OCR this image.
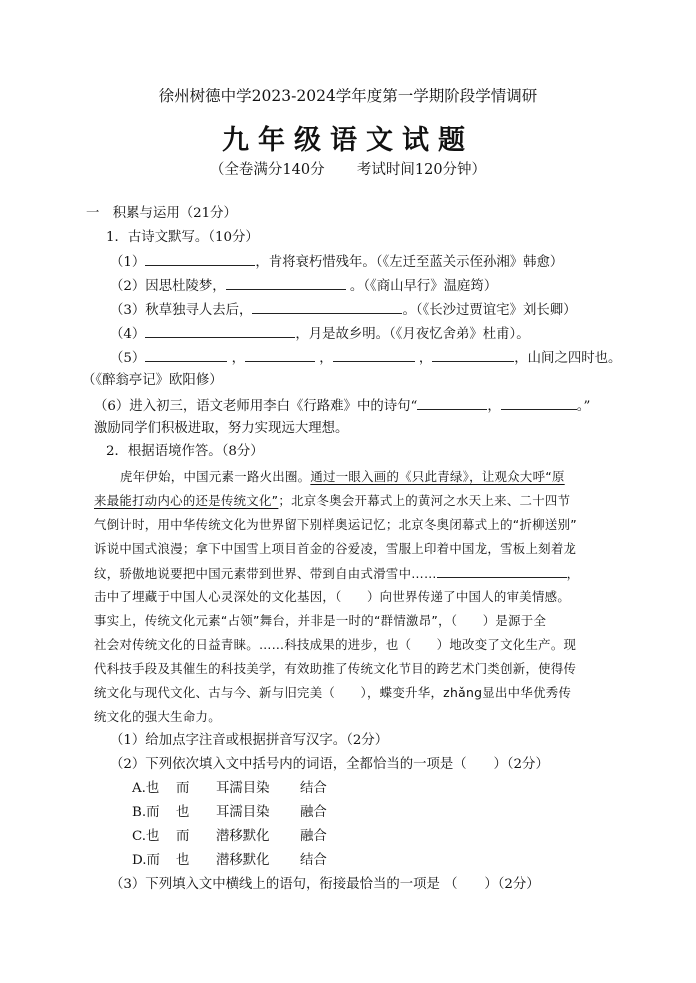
徐州树德中学2023-2024学年度第一学期阶段学情调研
九年级语文试题
（全卷满分140分 考试时间120分钟）
一　积累与运用（21分）
1．古诗文默写。（10分）
（1）	，肯将衰朽惜残年。（《左迁至蓝关示侄孙湘》韩愈）
（2）因思杜陵梦，	。（《商山早行》温庭筠）
（3）秋草独寻人去后，	。（《长沙过贾谊宅》刘长卿）
（4）	，月是故乡明。（《月夜忆舍弟》杜甫）。
（5）	，	，	，	，山间之四时也。
（《醉翁亭记》欧阳修）
（6）进入初三，语文老师用李白《行路难》中的诗句“	，	。”
激励同学们积极进取，努力实现远大理想。
2．根据语境作答。（8分）
虎年伊始，中国元素一路火出圈。通过一眼入画的《只此青绿》，让观众大呼“原
来最能打动内心的还是传统文化”；北京冬奥会开幕式上的黄河之水天上来、二十四节
气倒计时，用中华传统文化为世界留下别样奥运记忆；北京冬奥闭幕式上的“折柳送别”
诉说中国式浪漫；拿下中国雪上项目首金的谷爱凌，雪服上印着中国龙，雪板上刻着龙
纹，骄傲地说要把中国元素带到世界、带到自由式滑雪中……	，
击中了埋藏于中国人心灵深处的文化基因，（　　）向世界传递了中国人的审美情感。
事实上，传统文化元素“占领”舞台，并非是一时的“群情激昂”，（　　）是源于全
社会对传统文化的日益青睐。……科技成果的进步，也（　　）地改变了文化生产。现
代科技手段及其催生的科技美学，有效助推了传统文化节目的跨艺术门类创新，使得传
统文化与现代文化、古与今、新与旧完美（　　），蝶变升华，zhǎng显出中华优秀传
统文化的强大生命力。
（1）给加点字注音或根据拼音写汉字。（2分）
（2）下列依次填入文中括号内的词语，全都恰当的一项是（　　）（2分）
A.也 而 耳濡目染 结合
B.而 也 耳濡目染 融合
C.也 而 潜移默化 融合
D.而 也 潜移默化 结合
（3）下列填入文中横线上的语句，衔接最恰当的一项是 （　　）（2分）
